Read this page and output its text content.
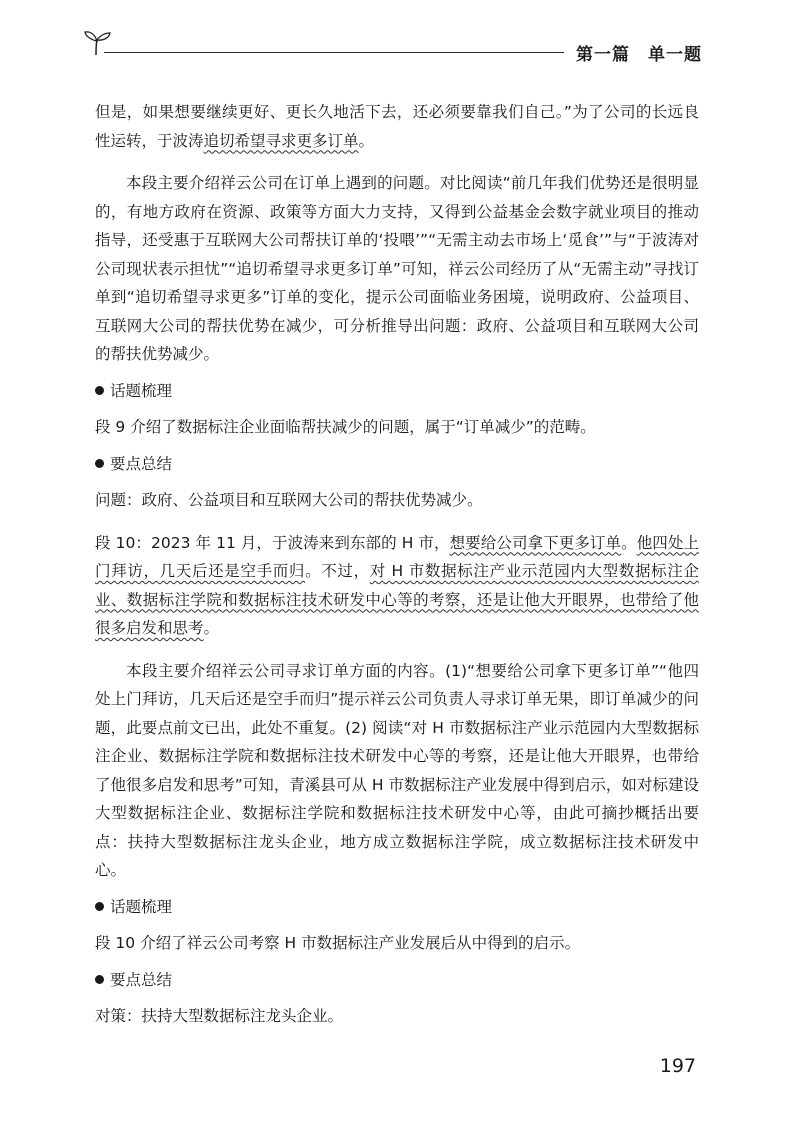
第一篇　单一题

但是，如果想要继续更好、更长久地活下去，还必须要靠我们自己。”为了公司的长远良性运转，于波涛追切希望寻求更多订单。

本段主要介绍祥云公司在订单上遇到的问题。对比阅读“前几年我们优势还是很明显的，有地方政府在资源、政策等方面大力支持，又得到公益基金会数字就业项目的推动指导，还受惠于互联网大公司帮扶订单的‘投喂’”“无需主动去市场上‘觅食’”与“于波涛对公司现状表示担忧”“追切希望寻求更多订单”可知，祥云公司经历了从“无需主动”寻找订单到“追切希望寻求更多”订单的变化，提示公司面临业务困境，说明政府、公益项目、互联网大公司的帮扶优势在减少，可分析推导出问题：政府、公益项目和互联网大公司的帮扶优势减少。

话题梳理

段 9 介绍了数据标注企业面临帮扶减少的问题，属于“订单减少”的范畴。

要点总结

问题：政府、公益项目和互联网大公司的帮扶优势减少。

段 10：2023 年 11 月，于波涛来到东部的 H 市，想要给公司拿下更多订单。他四处上门拜访，几天后还是空手而归。不过，对 H 市数据标注产业示范园内大型数据标注企业、数据标注学院和数据标注技术研发中心等的考察，还是让他大开眼界，也带给了他很多启发和思考。

本段主要介绍祥云公司寻求订单方面的内容。(1)“想要给公司拿下更多订单”“他四处上门拜访，几天后还是空手而归”提示祥云公司负责人寻求订单无果，即订单减少的问题，此要点前文已出，此处不重复。(2) 阅读“对 H 市数据标注产业示范园内大型数据标注企业、数据标注学院和数据标注技术研发中心等的考察，还是让他大开眼界，也带给了他很多启发和思考”可知，青溪县可从 H 市数据标注产业发展中得到启示，如对标建设大型数据标注企业、数据标注学院和数据标注技术研发中心等，由此可摘抄概括出要点：扶持大型数据标注龙头企业，地方成立数据标注学院，成立数据标注技术研发中心。

话题梳理

段 10 介绍了祥云公司考察 H 市数据标注产业发展后从中得到的启示。

要点总结

对策：扶持大型数据标注龙头企业。

197
